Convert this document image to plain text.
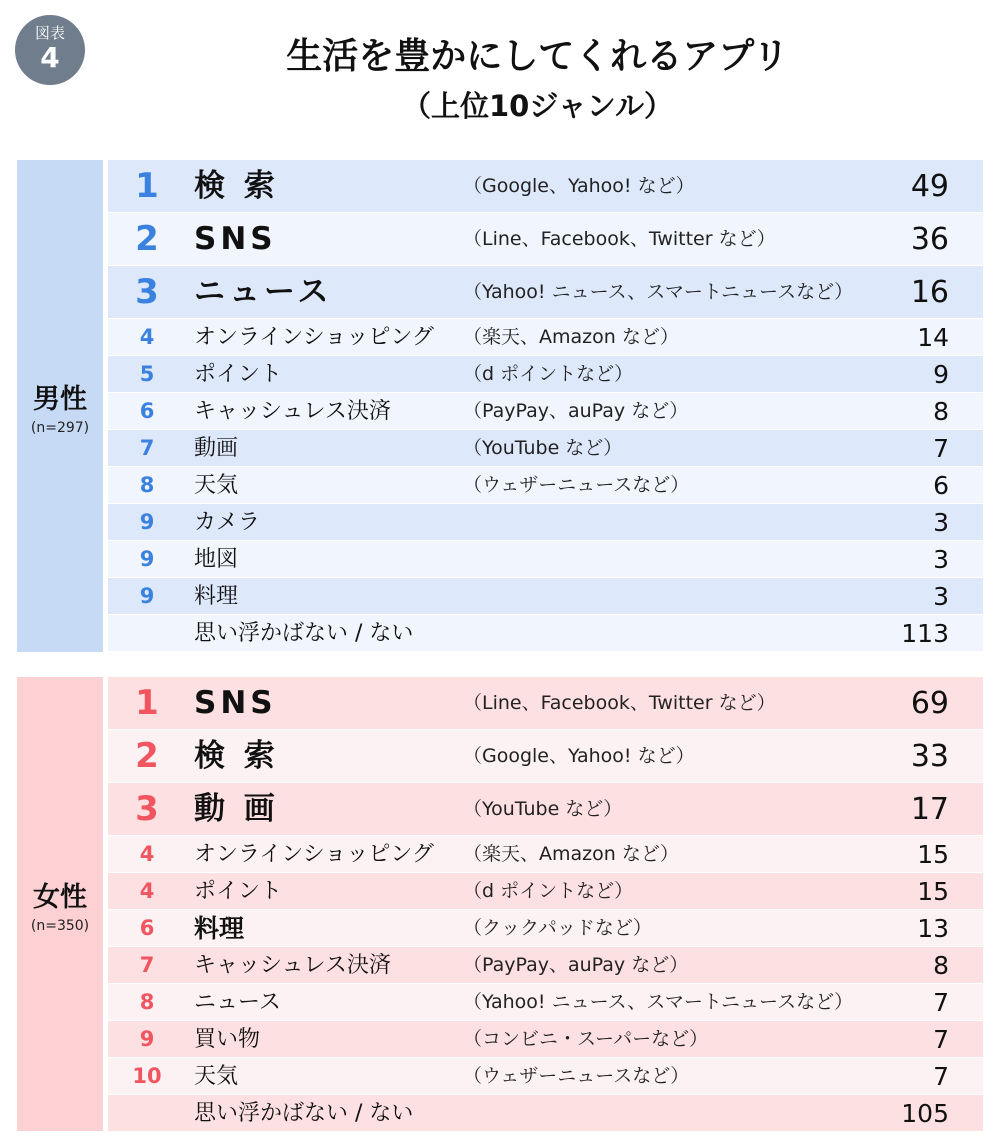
図表
4	生活を豊かにしてくれるアプリ
（上位10ジャンル）
男性
(n=297)
1	検 索	（Google、Yahoo! など）	49
2	SNS	（Line、Facebook、Twitter など）	36
3	ニュース	（Yahoo! ニュース、スマートニュースなど） 16
4	オンラインショッピング （楽天、Amazon など）	14
5	ポイント	（d ポイントなど）	9
6	キャッシュレス決済	（PayPay、auPay など）	8
7	動画	（YouTube など）	7
8	天気	（ウェザーニュースなど）	6
9	カメラ	3
9	地図	3
9	料理	3
思い浮かばない / ない	113
女性
(n=350)
1	SNS	（Line、Facebook、Twitter など）	69
2	検 索	（Google、Yahoo! など）	33
3	動 画	（YouTube など）	17
4	オンラインショッピング （楽天、Amazon など）	15
4	ポイント	（d ポイントなど）	15
6	料理	（クックパッドなど）	13
7	キャッシュレス決済	（PayPay、auPay など）	8
8	ニュース	（Yahoo! ニュース、スマートニュースなど）	7
9	買い物	（コンビニ・スーパーなど）	7
10	天気	（ウェザーニュースなど）	7
思い浮かばない / ない	105
